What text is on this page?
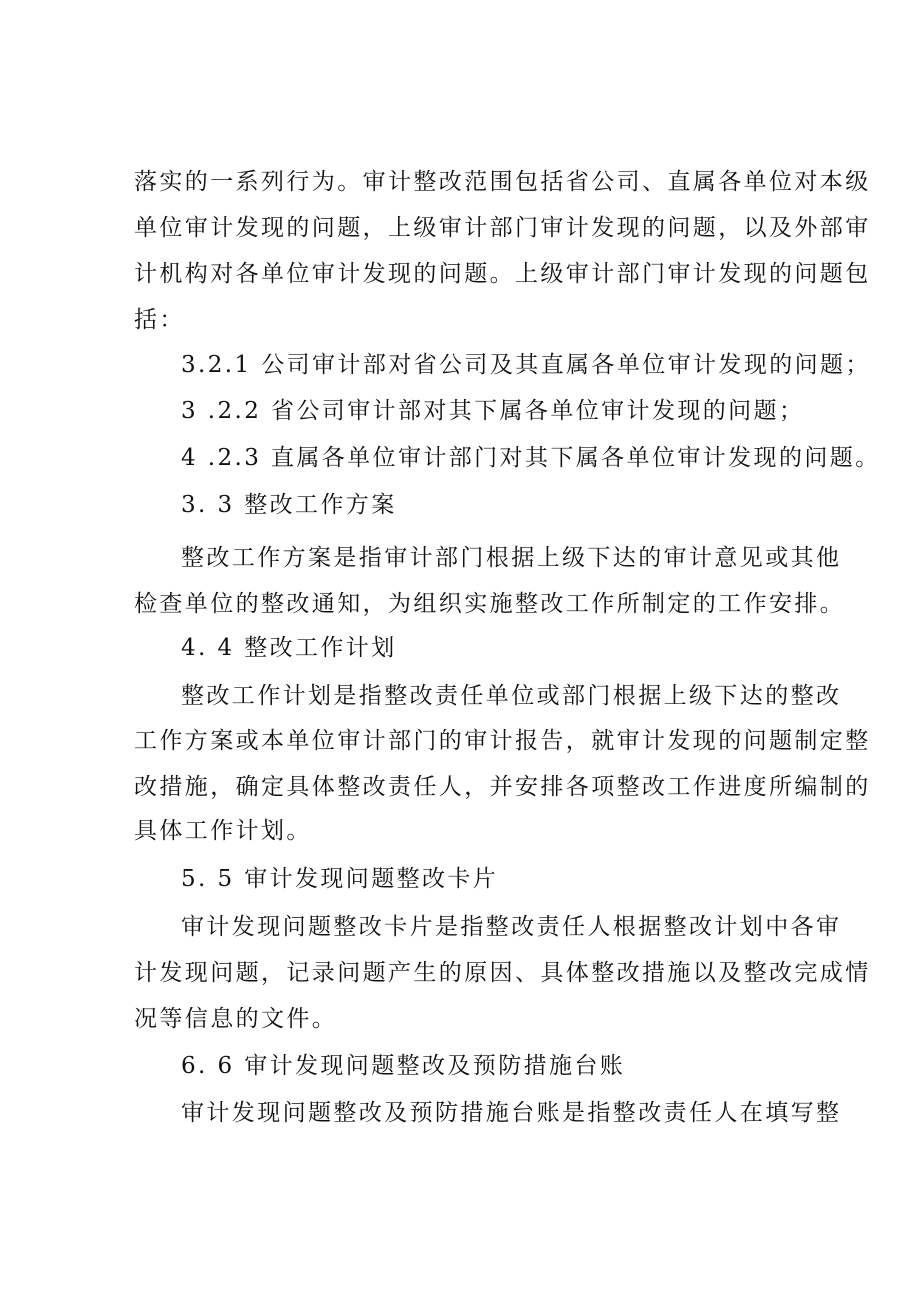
落实的一系列行为。审计整改范围包括省公司、直属各单位对本级
单位审计发现的问题，上级审计部门审计发现的问题，以及外部审
计机构对各单位审计发现的问题。上级审计部门审计发现的问题包
括：
3.2.1 公司审计部对省公司及其直属各单位审计发现的问题；
3 .2.2 省公司审计部对其下属各单位审计发现的问题；
4 .2.3 直属各单位审计部门对其下属各单位审计发现的问题。
3. 3 整改工作方案
整改工作方案是指审计部门根据上级下达的审计意见或其他
检查单位的整改通知，为组织实施整改工作所制定的工作安排。
4. 4 整改工作计划
整改工作计划是指整改责任单位或部门根据上级下达的整改
工作方案或本单位审计部门的审计报告，就审计发现的问题制定整
改措施，确定具体整改责任人，并安排各项整改工作进度所编制的
具体工作计划。
5. 5 审计发现问题整改卡片
审计发现问题整改卡片是指整改责任人根据整改计划中各审
计发现问题，记录问题产生的原因、具体整改措施以及整改完成情
况等信息的文件。
6. 6 审计发现问题整改及预防措施台账
审计发现问题整改及预防措施台账是指整改责任人在填写整
